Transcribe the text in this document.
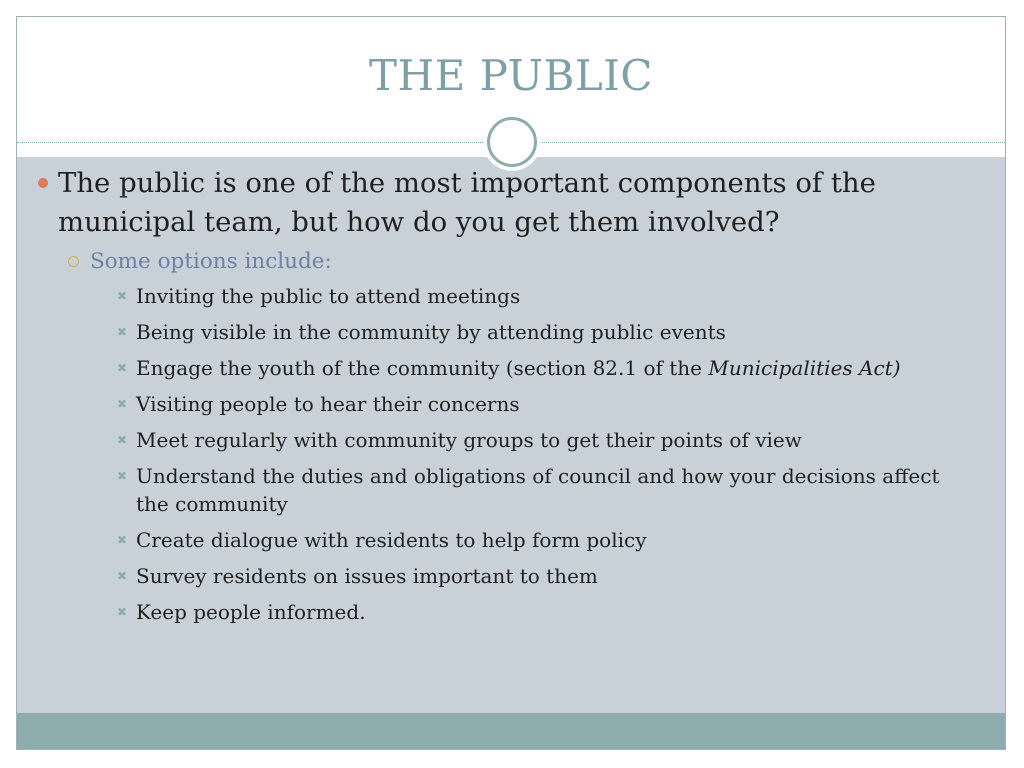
THE PUBLIC
The public is one of the most important components of the municipal team, but how do you get them involved?
Some options include:
✖ Inviting the public to attend meetings
✖ Being visible in the community by attending public events
✖ Engage the youth of the community (section 82.1 of the Municipalities Act)
✖ Visiting people to hear their concerns
✖ Meet regularly with community groups to get their points of view
✖ Understand the duties and obligations of council and how your decisions affect the community
✖ Create dialogue with residents to help form policy
✖ Survey residents on issues important to them
✖ Keep people informed.
